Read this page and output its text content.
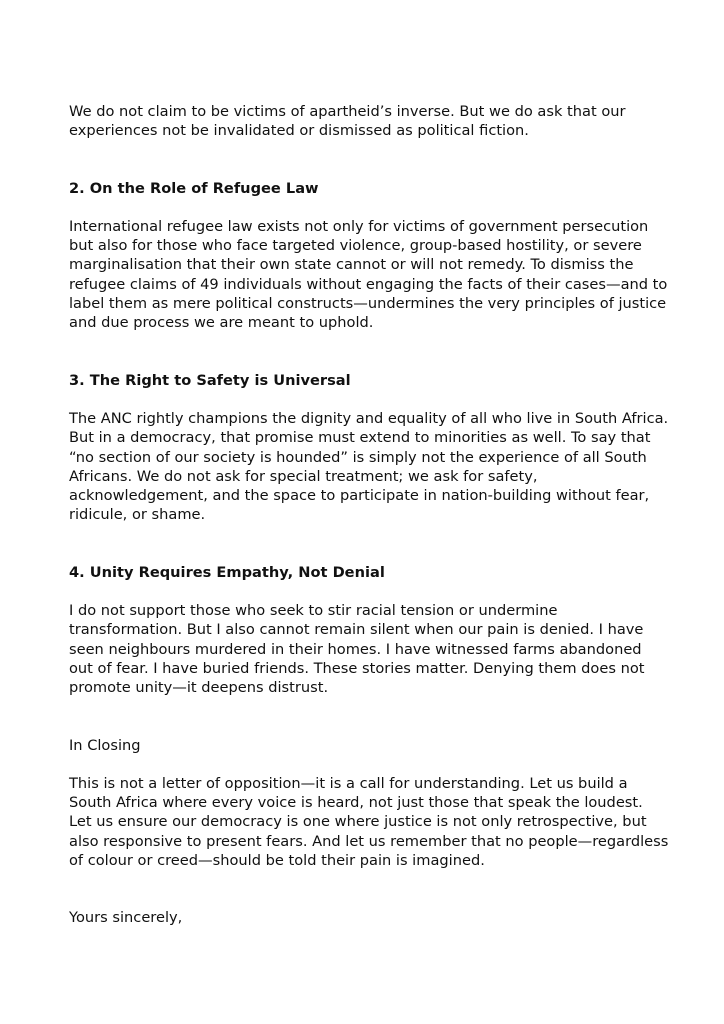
We do not claim to be victims of apartheid’s inverse. But we do ask that our experiences not be invalidated or dismissed as political fiction.

2. On the Role of Refugee Law

International refugee law exists not only for victims of government persecution but also for those who face targeted violence, group-based hostility, or severe marginalisation that their own state cannot or will not remedy. To dismiss the refugee claims of 49 individuals without engaging the facts of their cases—and to label them as mere political constructs—undermines the very principles of justice and due process we are meant to uphold.

3. The Right to Safety is Universal

The ANC rightly champions the dignity and equality of all who live in South Africa. But in a democracy, that promise must extend to minorities as well. To say that “no section of our society is hounded” is simply not the experience of all South Africans. We do not ask for special treatment; we ask for safety, acknowledgement, and the space to participate in nation-building without fear, ridicule, or shame.

4. Unity Requires Empathy, Not Denial

I do not support those who seek to stir racial tension or undermine transformation. But I also cannot remain silent when our pain is denied. I have seen neighbours murdered in their homes. I have witnessed farms abandoned out of fear. I have buried friends. These stories matter. Denying them does not promote unity—it deepens distrust.

In Closing

This is not a letter of opposition—it is a call for understanding. Let us build a South Africa where every voice is heard, not just those that speak the loudest. Let us ensure our democracy is one where justice is not only retrospective, but also responsive to present fears. And let us remember that no people—regardless of colour or creed—should be told their pain is imagined.

Yours sincerely,
